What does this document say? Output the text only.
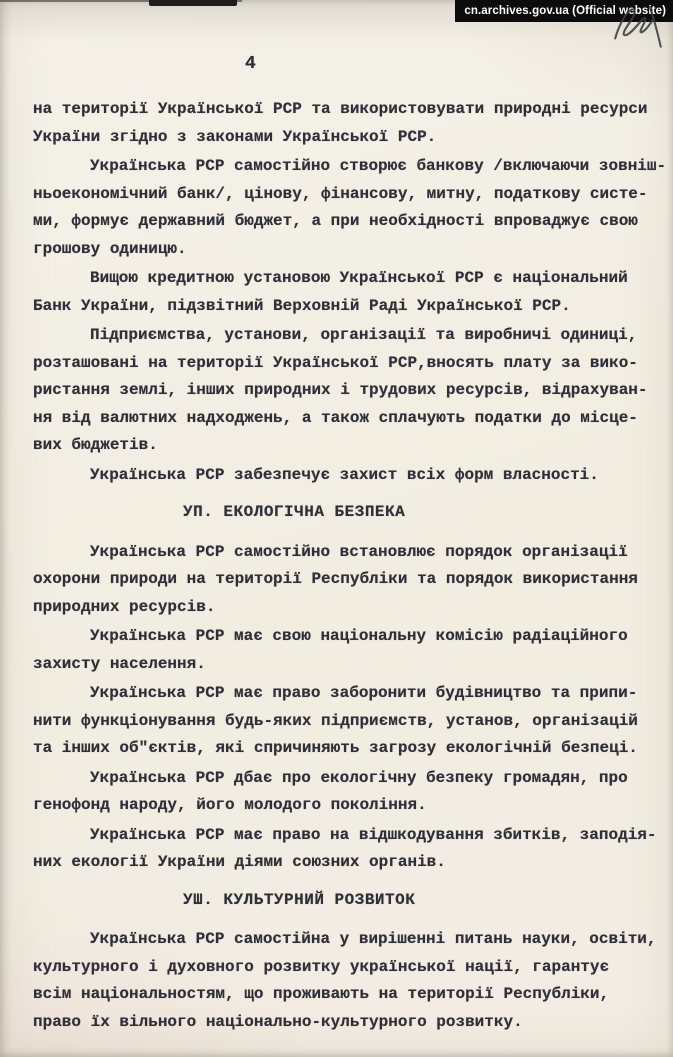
cn.archives.gov.ua (Official website)
4
на території Української РСР та використовувати природні ресурси
України згідно з законами Української РСР.
Українська РСР самостійно створює банкову /включаючи зовніш-
ньоекономічний банк/, цінову, фінансову, митну, податкову систе-
ми, формує державний бюджет, а при необхідності впроваджує свою
грошову одиницю.
Вищою кредитною установою Української РСР є національний
Банк України, підзвітний Верховній Раді Української РСР.
Підприємства, установи, організації та виробничі одиниці,
розташовані на території Української РСР,вносять плату за вико-
ристання землі, інших природних і трудових ресурсів, відрахуван-
ня від валютних надходжень, а також сплачують податки до місце-
вих бюджетів.
Українська РСР забезпечує захист всіх форм власності.
УП. ЕКОЛОГІЧНА БЕЗПЕКА
Українська РСР самостійно встановлює порядок організації
охорони природи на території Республіки та порядок використання
природних ресурсів.
Українська РСР має свою національну комісію радіаційного
захисту населення.
Українська РСР має право заборонити будівництво та припи-
нити функціонування будь-яких підприємств, установ, організацій
та інших об"єктів, які спричиняють загрозу екологічній безпеці.
Українська РСР дбає про екологічну безпеку громадян, про
генофонд народу, його молодого покоління.
Українська РСР має право на відшкодування збитків, заподія-
них екології України діями союзних органів.
УШ. КУЛЬТУРНИЙ РОЗВИТОК
Українська РСР самостійна у вирішенні питань науки, освіти,
культурного і духовного розвитку української нації, гарантує
всім національностям, що проживають на території Республіки,
право їх вільного національно-культурного розвитку.
